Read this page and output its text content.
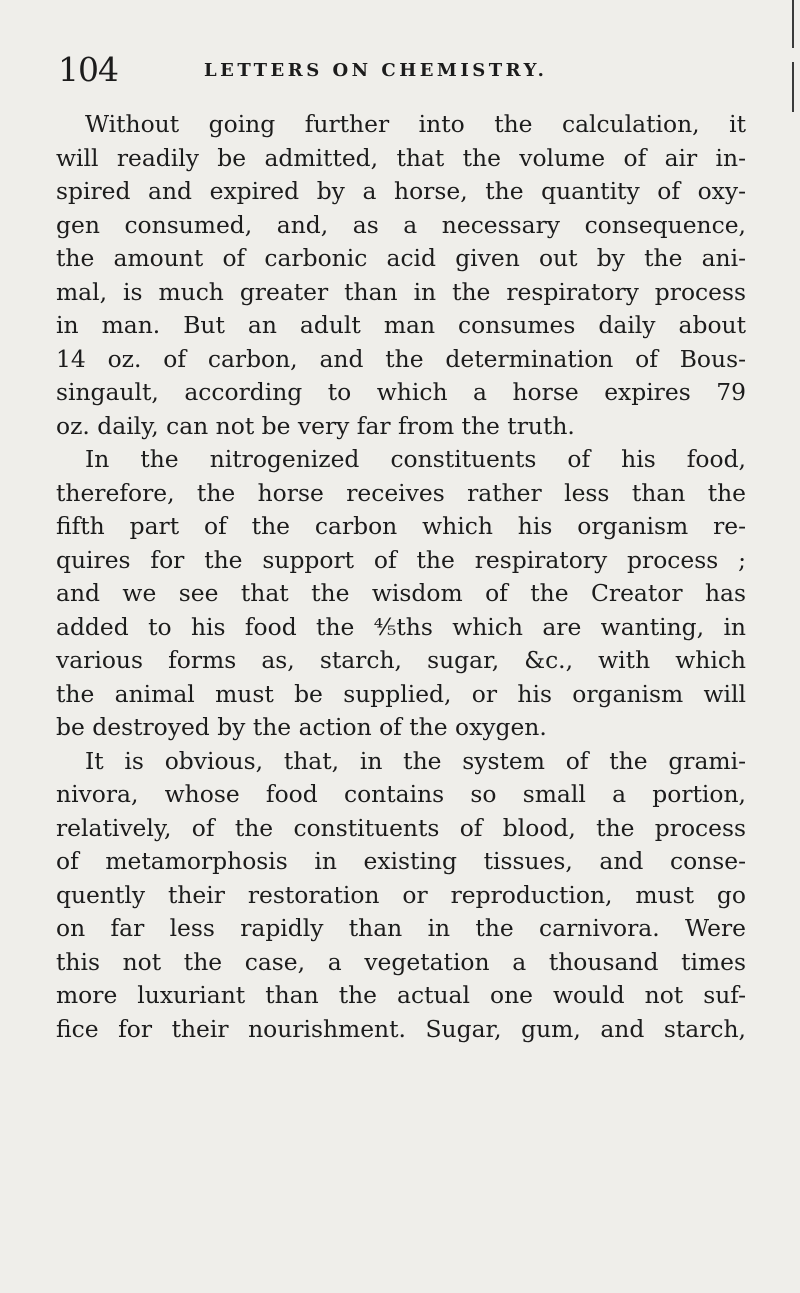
104	LETTERS ON CHEMISTRY.
Without going further into the calculation, it
will readily be admitted, that the volume of air in-
spired and expired by a horse, the quantity of oxy-
gen consumed, and, as a necessary consequence,
the amount of carbonic acid given out by the ani-
mal, is much greater than in the respiratory process
in man. But an adult man consumes daily about
14 oz. of carbon, and the determination of Bous-
singault, according to which a horse expires 79
oz. daily, can not be very far from the truth.
In the nitrogenized constituents of his food,
therefore, the horse receives rather less than the
fifth part of the carbon which his organism re-
quires for the support of the respiratory process ;
and we see that the wisdom of the Creator has
added to his food the ⁴⁄₅ths which are wanting, in
various forms as, starch, sugar, &c., with which
the animal must be supplied, or his organism will
be destroyed by the action of the oxygen.
It is obvious, that, in the system of the grami-
nivora, whose food contains so small a portion,
relatively, of the constituents of blood, the process
of metamorphosis in existing tissues, and conse-
quently their restoration or reproduction, must go
on far less rapidly than in the carnivora. Were
this not the case, a vegetation a thousand times
more luxuriant than the actual one would not suf-
fice for their nourishment. Sugar, gum, and starch,
